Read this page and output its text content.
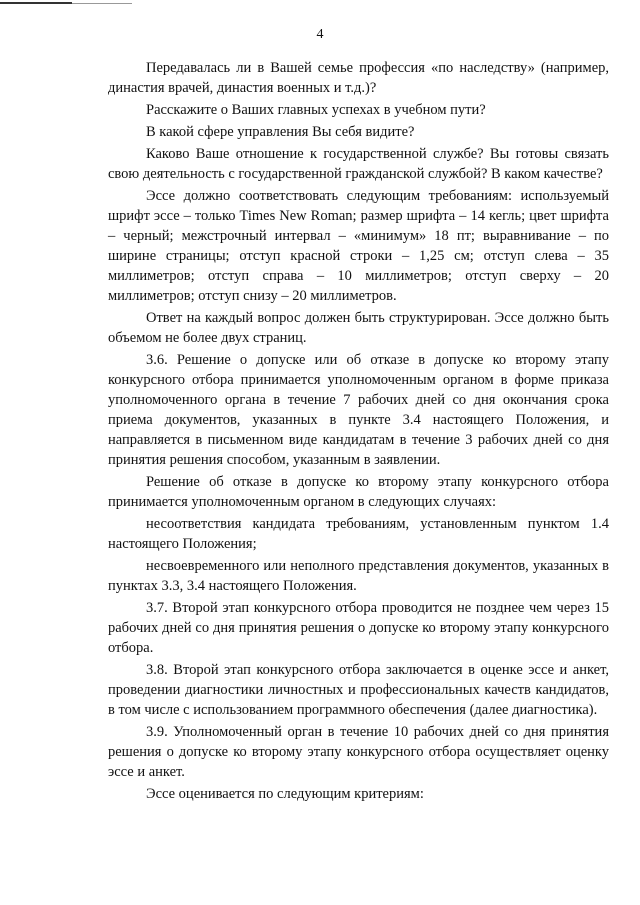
4

Передавалась ли в Вашей семье профессия «по наследству» (например, династия врачей, династия военных и т.д.)?

Расскажите о Ваших главных успехах в учебном пути?

В какой сфере управления Вы себя видите?

Каково Ваше отношение к государственной службе? Вы готовы связать свою деятельность с государственной гражданской службой? В каком качестве?

Эссе должно соответствовать следующим требованиям: используемый шрифт эссе – только Times New Roman; размер шрифта – 14 кегль; цвет шрифта – черный; межстрочный интервал – «минимум» 18 пт; выравнивание – по ширине страницы; отступ красной строки – 1,25 см; отступ слева – 35 миллиметров; отступ справа – 10 миллиметров; отступ сверху – 20 миллиметров; отступ снизу – 20 миллиметров.

Ответ на каждый вопрос должен быть структурирован. Эссе должно быть объемом не более двух страниц.

3.6. Решение о допуске или об отказе в допуске ко второму этапу конкурсного отбора принимается уполномоченным органом в форме приказа уполномоченного органа в течение 7 рабочих дней со дня окончания срока приема документов, указанных в пункте 3.4 настоящего Положения, и направляется в письменном виде кандидатам в течение 3 рабочих дней со дня принятия решения способом, указанным в заявлении.

Решение об отказе в допуске ко второму этапу конкурсного отбора принимается уполномоченным органом в следующих случаях:

несоответствия кандидата требованиям, установленным пунктом 1.4 настоящего Положения;

несвоевременного или неполного представления документов, указанных в пунктах 3.3, 3.4 настоящего Положения.

3.7. Второй этап конкурсного отбора проводится не позднее чем через 15 рабочих дней со дня принятия решения о допуске ко второму этапу конкурсного отбора.

3.8. Второй этап конкурсного отбора заключается в оценке эссе и анкет, проведении диагностики личностных и профессиональных качеств кандидатов, в том числе с использованием программного обеспечения (далее диагностика).

3.9. Уполномоченный орган в течение 10 рабочих дней со дня принятия решения о допуске ко второму этапу конкурсного отбора осуществляет оценку эссе и анкет.

Эссе оценивается по следующим критериям:
